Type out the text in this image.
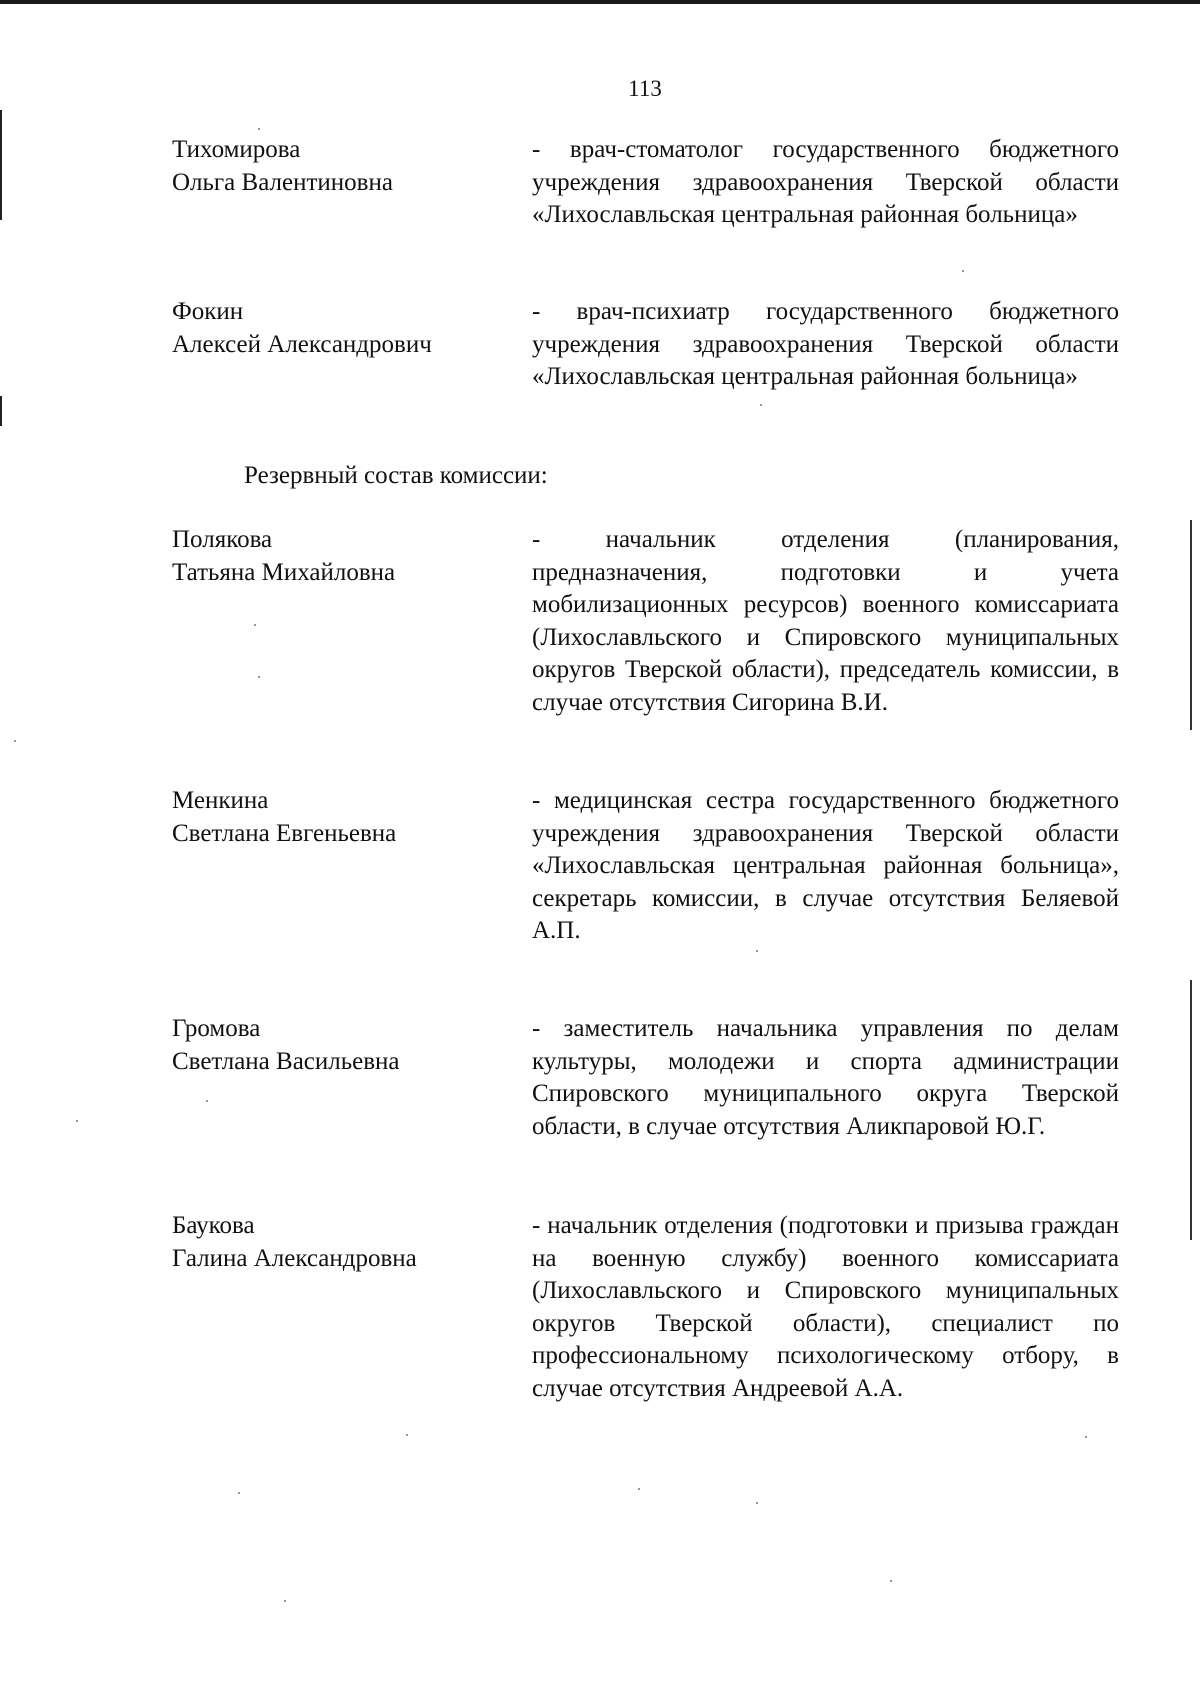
113
Тихомирова
Ольга Валентиновна
- врач-стоматолог государственного бюджетного учреждения здравоохранения Тверской области «Лихославльская центральная районная больница»
Фокин
Алексей Александрович
- врач-психиатр государственного бюджетного учреждения здравоохранения Тверской области «Лихославльская центральная районная больница»
Резервный состав комиссии:
Полякова
Татьяна Михайловна
- начальник отделения (планирования, предназначения, подготовки и учета мобилизационных ресурсов) военного комиссариата (Лихославльского и Спировского муниципальных округов Тверской области), председатель комиссии, в случае отсутствия Сигорина В.И.
Менкина
Светлана Евгеньевна
- медицинская сестра государственного бюджетного учреждения здравоохранения Тверской области «Лихославльская центральная районная больница», секретарь комиссии, в случае отсутствия Беляевой А.П.
Громова
Светлана Васильевна
- заместитель начальника управления по делам культуры, молодежи и спорта администрации Спировского муниципального округа Тверской области, в случае отсутствия Аликпаровой Ю.Г.
Баукова
Галина Александровна
- начальник отделения (подготовки и призыва граждан на военную службу) военного комиссариата (Лихославльского и Спировского муниципальных округов Тверской области), специалист по профессиональному психологическому отбору, в случае отсутствия Андреевой А.А.
